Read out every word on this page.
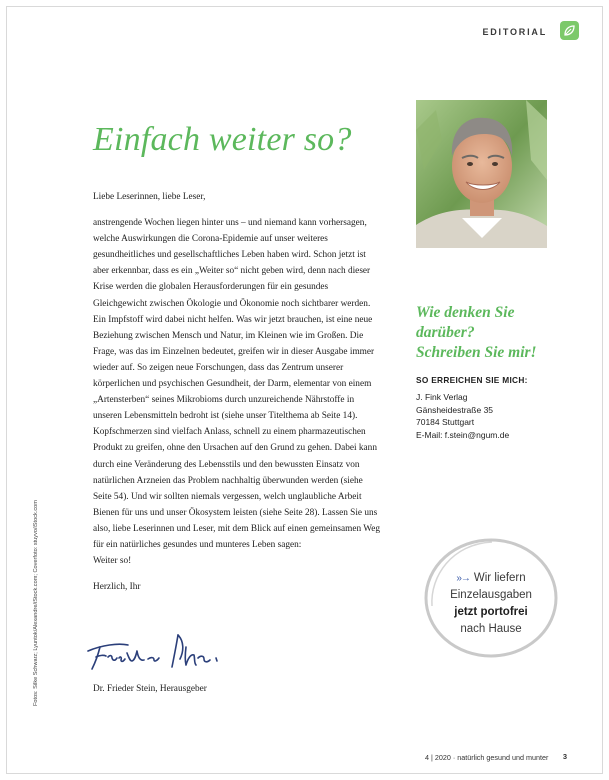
EDITORIAL
Einfach weiter so?

Liebe Leserinnen, liebe Leser,

anstrengende Wochen liegen hinter uns – und niemand kann vorhersagen, welche Auswirkungen die Corona-Epidemie auf unser weiteres gesundheitliches und gesellschaftliches Leben haben wird. Schon jetzt ist aber erkennbar, dass es ein „Weiter so“ nicht geben wird, denn nach dieser Krise werden die globalen Herausforderungen für ein gesundes Gleichgewicht zwischen Ökologie und Ökonomie noch sichtbarer werden. Ein Impfstoff wird dabei nicht helfen. Was wir jetzt brauchen, ist eine neue Beziehung zwischen Mensch und Natur, im Kleinen wie im Großen. Die Frage, was das im Einzelnen bedeutet, greifen wir in dieser Ausgabe immer wieder auf. So zeigen neue Forschungen, dass das Zentrum unserer körperlichen und psychischen Gesundheit, der Darm, elementar von einem „Artensterben“ seines Mikrobioms durch unzureichende Nährstoffe in unseren Lebensmitteln bedroht ist (siehe unser Titelthema ab Seite 14). Kopfschmerzen sind vielfach Anlass, schnell zu einem pharmazeutischen Produkt zu greifen, ohne den Ursachen auf den Grund zu gehen. Dabei kann durch eine Veränderung des Lebensstils und den bewussten Einsatz von natürlichen Arzneien das Problem nachhaltig überwunden werden (siehe Seite 54). Und wir sollten niemals vergessen, welch unglaubliche Arbeit Bienen für uns und unser Ökosystem leisten (siehe Seite 28). Lassen Sie uns also, liebe Leserinnen und Leser, mit dem Blick auf einen gemeinsamen Weg für ein natürliches gesundes und munteres Leben sagen:

Weiter so!

Herzlich, Ihr

Dr. Frieder Stein, Herausgeber
Wie denken Sie
darüber?
Schreiben Sie mir!
SO ERREICHEN SIE MICH:
J. Fink Verlag
Gänsheidestraße 35
70184 Stuttgart
E-Mail: f.stein@ngum.de
»→ Wir liefern
Einzelausgaben
jetzt portofrei
nach Hause
Fotos: Silke Schwarz; Lyuntok/Alexandre/iStock.com; Coverfoto: stuyvo/iStock.com
4 | 2020 · natürlich gesund und munter 3
